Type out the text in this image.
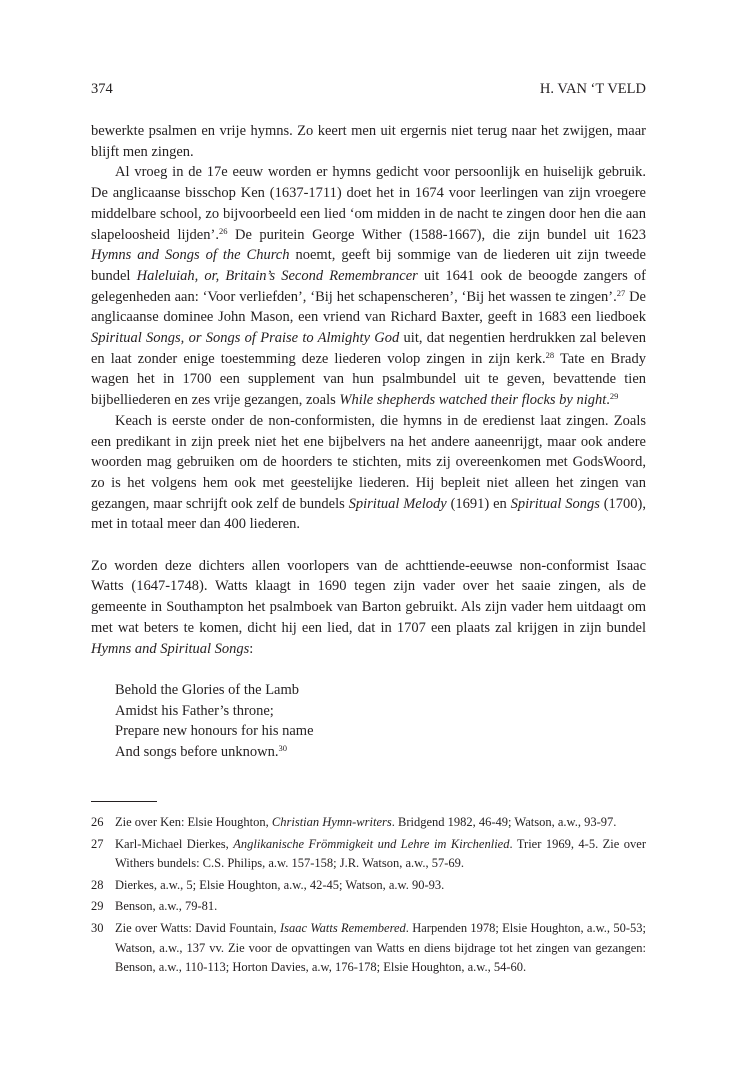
374	H. VAN ‘T VELD

bewerkte psalmen en vrije hymns. Zo keert men uit ergernis niet terug naar het zwijgen, maar blijft men zingen.

Al vroeg in de 17e eeuw worden er hymns gedicht voor persoonlijk en huiselijk gebruik. De anglicaanse bisschop Ken (1637-1711) doet het in 1674 voor leerlingen van zijn vroegere middelbare school, zo bijvoorbeeld een lied ‘om midden in de nacht te zingen door hen die aan slapeloosheid lijden’.$^{26}$ De puritein George Wither (1588-1667), die zijn bundel uit 1623 Hymns and Songs of the Church noemt, geeft bij sommige van de liederen uit zijn tweede bundel Haleluiah, or, Britain’s Second Remembrancer uit 1641 ook de beoogde zangers of gelegenheden aan: ‘Voor verliefden’, ‘Bij het schapenscheren’, ‘Bij het wassen te zingen’.$^{27}$ De anglicaanse dominee John Mason, een vriend van Richard Baxter, geeft in 1683 een liedboek Spiritual Songs, or Songs of Praise to Almighty God uit, dat negentien herdrukken zal beleven en laat zonder enige toestemming deze liederen volop zingen in zijn kerk.$^{28}$ Tate en Brady wagen het in 1700 een supplement van hun psalmbundel uit te geven, bevattende tien bijbelliederen en zes vrije gezangen, zoals While shepherds watched their flocks by night.$^{29}$

Keach is eerste onder de non-conformisten, die hymns in de eredienst laat zingen. Zoals een predikant in zijn preek niet het ene bijbelvers na het andere aaneenrijgt, maar ook andere woorden mag gebruiken om de hoorders te stichten, mits zij overeenkomen met GodsWoord, zo is het volgens hem ook met geestelijke liederen. Hij bepleit niet alleen het zingen van gezangen, maar schrijft ook zelf de bundels Spiritual Melody (1691) en Spiritual Songs (1700), met in totaal meer dan 400 liederen.

Zo worden deze dichters allen voorlopers van de achttiende-eeuwse non-conformist Isaac Watts (1647-1748). Watts klaagt in 1690 tegen zijn vader over het saaie zingen, als de gemeente in Southampton het psalmboek van Barton gebruikt. Als zijn vader hem uitdaagt om met wat beters te komen, dicht hij een lied, dat in 1707 een plaats zal krijgen in zijn bundel Hymns and Spiritual Songs:

Behold the Glories of the Lamb
Amidst his Father’s throne;
Prepare new honours for his name
And songs before unknown.$^{30}$
26 Zie over Ken: Elsie Houghton, Christian Hymn-writers. Bridgend 1982, 46-49; Watson, a.w., 93-97.
27 Karl-Michael Dierkes, Anglikanische Frömmigkeit und Lehre im Kirchenlied. Trier 1969, 4-5. Zie over Withers bundels: C.S. Philips, a.w. 157-158; J.R. Watson, a.w., 57-69.
28 Dierkes, a.w., 5; Elsie Houghton, a.w., 42-45; Watson, a.w. 90-93.
29 Benson, a.w., 79-81.
30 Zie over Watts: David Fountain, Isaac Watts Remembered. Harpenden 1978; Elsie Houghton, a.w., 50-53; Watson, a.w., 137 vv. Zie voor de opvattingen van Watts en diens bijdrage tot het zingen van gezangen: Benson, a.w., 110-113; Horton Davies, a.w, 176-178; Elsie Houghton, a.w., 54-60.
